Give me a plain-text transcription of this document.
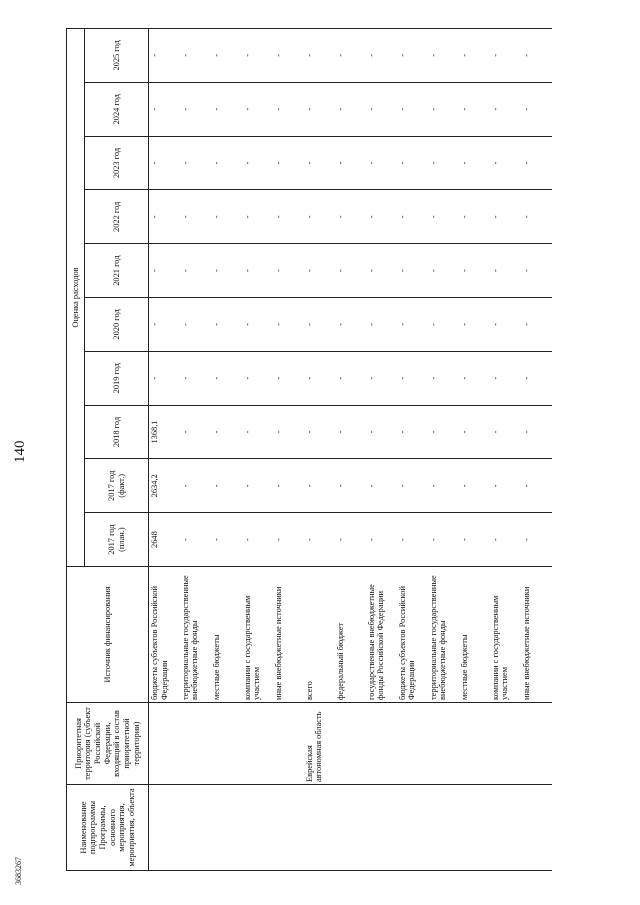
140
3683267
Наименование подпрограммы Программы, основного мероприятия, мероприятия, объекта	Приоритетная территория (субъект Российской Федерации, входящий в состав приоритетной территории)	Источник финансирования	Оценка расходов									
			2017 год (план.)	2017 год (факт.)	2018 год	2019 год	2020 год	2021 год	2022 год	2023 год	2024 год	2025 год
		бюджеты субъектов Российской Федерации	2648	2634,2	1368,1	-	-	-	-	-	-	-
		территориальные государственные внебюджетные фонды	-	-	-	-	-	-	-	-	-	-
		местные бюджеты	-	-	-	-	-	-	-	-	-	-
		компании с государственным участием	-	-	-	-	-	-	-	-	-	-
		иные внебюджетные источники	-	-	-	-	-	-	-	-	-	-
	Еврейская автономная область	всего	-	-	-	-	-	-	-	-	-	-
		федеральный бюджет	-	-	-	-	-	-	-	-	-	-
		государственные внебюджетные фонды Российской Федерации	-	-	-	-	-	-	-	-	-	-
		бюджеты субъектов Российской Федерации	-	-	-	-	-	-	-	-	-	-
		территориальные государственные внебюджетные фонды	-	-	-	-	-	-	-	-	-	-
		местные бюджеты	-	-	-	-	-	-	-	-	-	-
		компании с государственным участием	-	-	-	-	-	-	-	-	-	-
		иные внебюджетные источники	-	-	-	-	-	-	-	-	-	-
